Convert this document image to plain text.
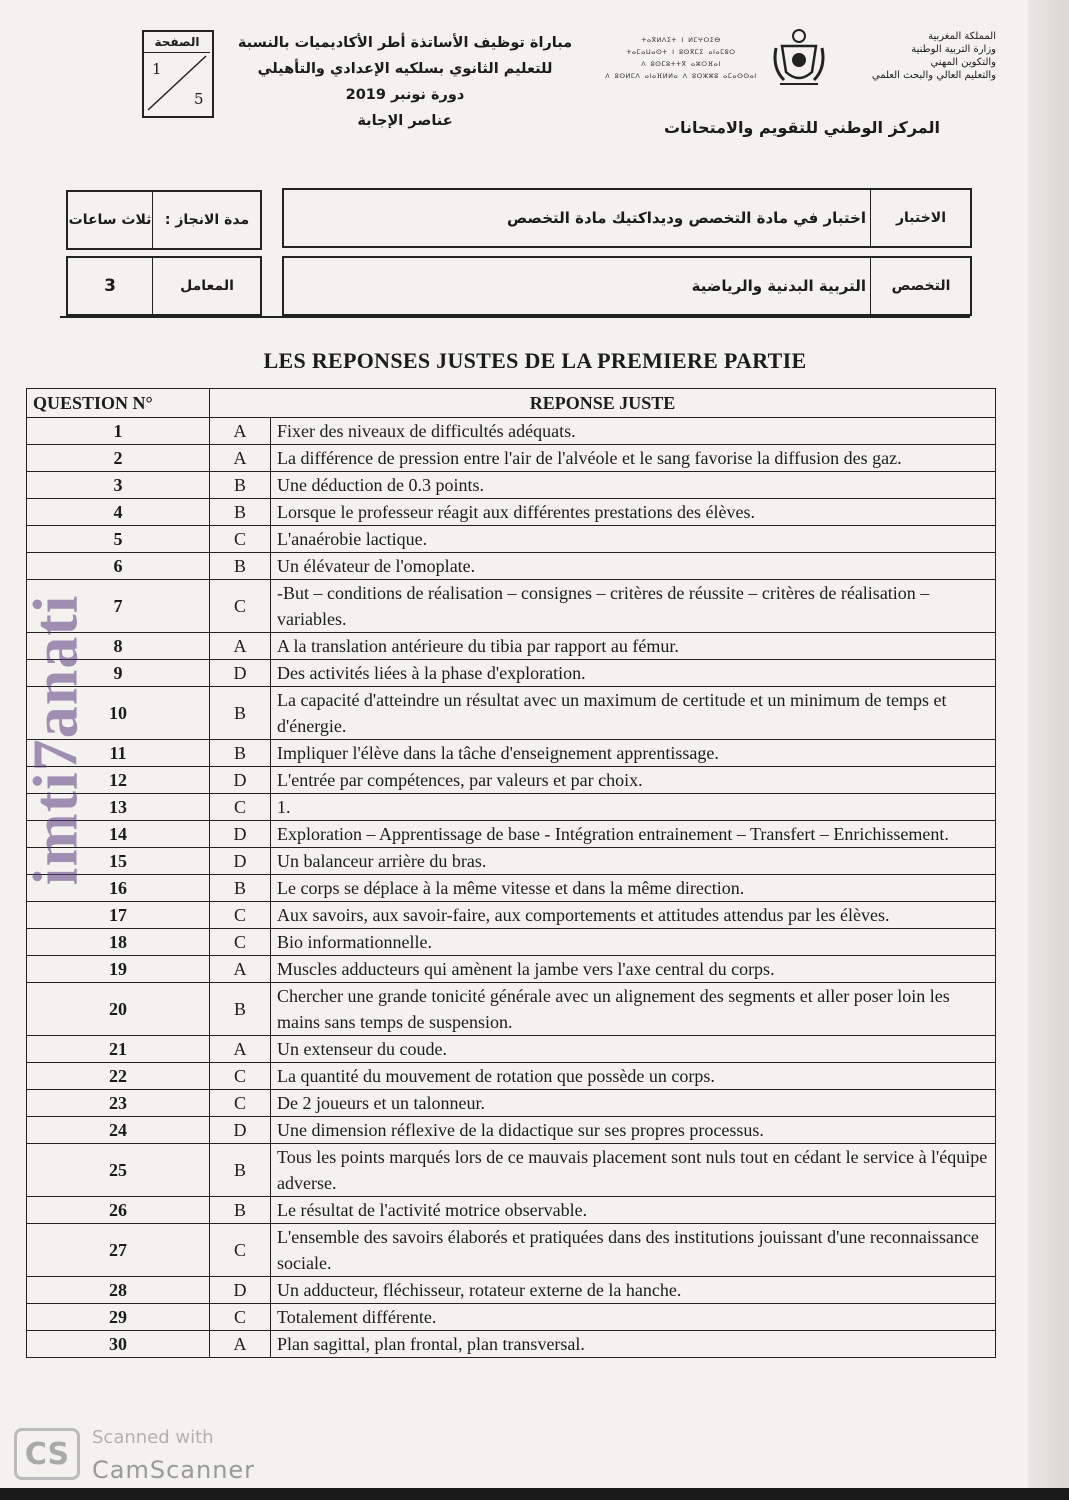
المملكة المغربية
وزارة التربية الوطنية
والتكوين المهني
والتعليم العالي والبحث العلمي
ⵜⴰⴳⵍⴷⵉⵜ ⵏ ⵍⵎⵖⵔⵉⴱ
ⵜⴰⵎⴰⵡⴰⵙⵜ ⵏ ⵓⵙⴳⵎⵉ ⴰⵏⴰⵎⵓⵔ
ⴷ ⵓⵙⵎⵓⵜⵜⴳ ⴰⵣⵔⴼⴰⵏ
ⴷ ⵓⵙⵍⵎⴷ ⴰⵏⴰⴼⵍⵍⴰ ⴷ ⵓⵔⵣⵣⵓ ⴰⵎⴰⵙⵙⴰⵏ
المركز الوطني للتقويم والامتحانات
مباراة توظيف الأساتذة أطر الأكاديميات بالنسبة
للتعليم الثانوي بسلكيه الإعدادي والتأهيلي
دورة نونبر 2019
عناصر الإجابة
الصفحة
1
5
ثلاث ساعات مدة الانجاز :	اختبار في مادة التخصص وديداكتيك مادة التخصص	الاختبار
3	المعامل	التربية البدنية والرياضية	التخصص
LES REPONSES JUSTES DE LA PREMIERE PARTIE
QUESTION N°	REPONSE JUSTE	
1	A	Fixer des niveaux de difficultés adéquats.
2	A	La différence de pression entre l'air de l'alvéole et le sang favorise la diffusion des gaz.
3	B	Une déduction de 0.3 points.
4	B	Lorsque le professeur réagit aux différentes prestations des élèves.
5	C	L'anaérobie lactique.
6	B	Un élévateur de l'omoplate.
7	C	-But – conditions de réalisation – consignes – critères de réussite – critères de réalisation – variables.
8	A	A la translation antérieure du tibia par rapport au fémur.
9	D	Des activités liées à la phase d'exploration.
10	B	La capacité d'atteindre un résultat avec un maximum de certitude et un minimum de temps et d'énergie.
11	B	Impliquer l'élève dans la tâche d'enseignement apprentissage.
12	D	L'entrée par compétences, par valeurs et par choix.
13	C	1.
14	D	Exploration – Apprentissage de base - Intégration entrainement – Transfert – Enrichissement.
15	D	Un balanceur arrière du bras.
16	B	Le corps se déplace à la même vitesse et dans la même direction.
17	C	Aux savoirs, aux savoir-faire, aux comportements et attitudes attendus par les élèves.
18	C	Bio informationnelle.
19	A	Muscles adducteurs qui amènent la jambe vers l'axe central du corps.
20	B	Chercher une grande tonicité générale avec un alignement des segments et aller poser loin les mains sans temps de suspension.
21	A	Un extenseur du coude.
22	C	La quantité du mouvement de rotation que possède un corps.
23	C	De 2 joueurs et un talonneur.
24	D	Une dimension réflexive de la didactique sur ses propres processus.
25	B	Tous les points marqués lors de ce mauvais placement sont nuls tout en cédant le service à l'équipe adverse.
26	B	Le résultat de l'activité motrice observable.
27	C	L'ensemble des savoirs élaborés et pratiquées dans des institutions jouissant d'une reconnaissance sociale.
28	D	Un adducteur, fléchisseur, rotateur externe de la hanche.
29	C	Totalement différente.
30	A	Plan sagittal, plan frontal, plan transversal.
imti7anati
CS	Scanned with
CamScanner
